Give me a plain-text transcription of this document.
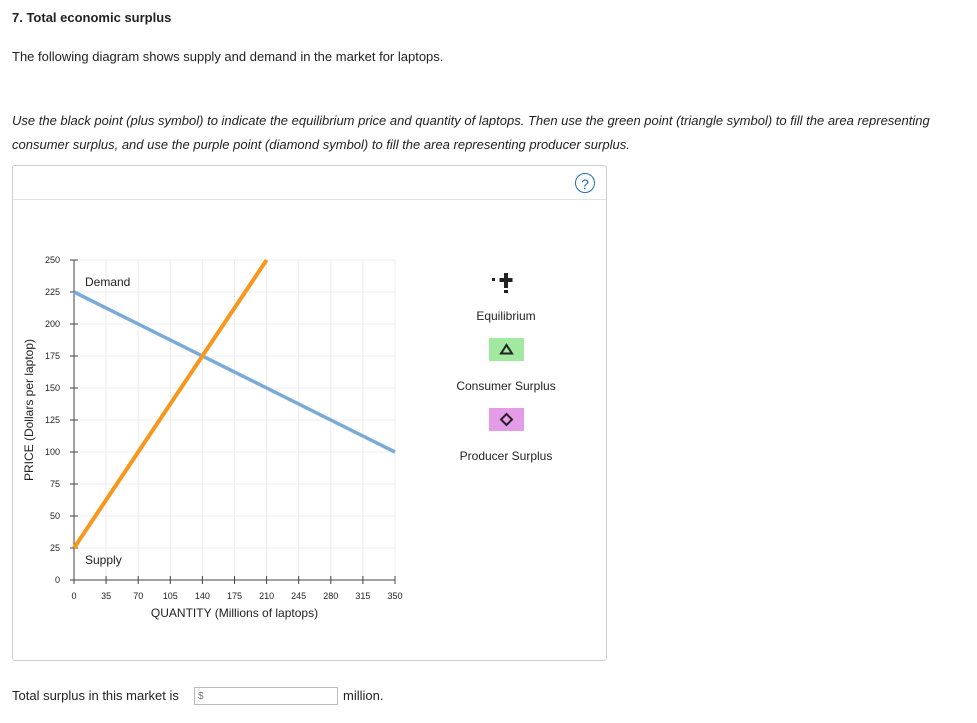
7. Total economic surplus
The following diagram shows supply and demand in the market for laptops.
Use the black point (plus symbol) to indicate the equilibrium price and quantity of laptops. Then use the green point (triangle symbol) to fill the area representing consumer surplus, and use the purple point (diamond symbol) to fill the area representing producer surplus.
?
0
25
50
75
100
125
150
175
200
225
250
0	35 70 105 140 175 210 245 280 315 350
Demand
Supply
QUANTITY (Millions of laptops)
PRICE (Dollars per laptop)
Equilibrium
Consumer Surplus
Producer Surplus
Total surplus in this market is
$	million.
